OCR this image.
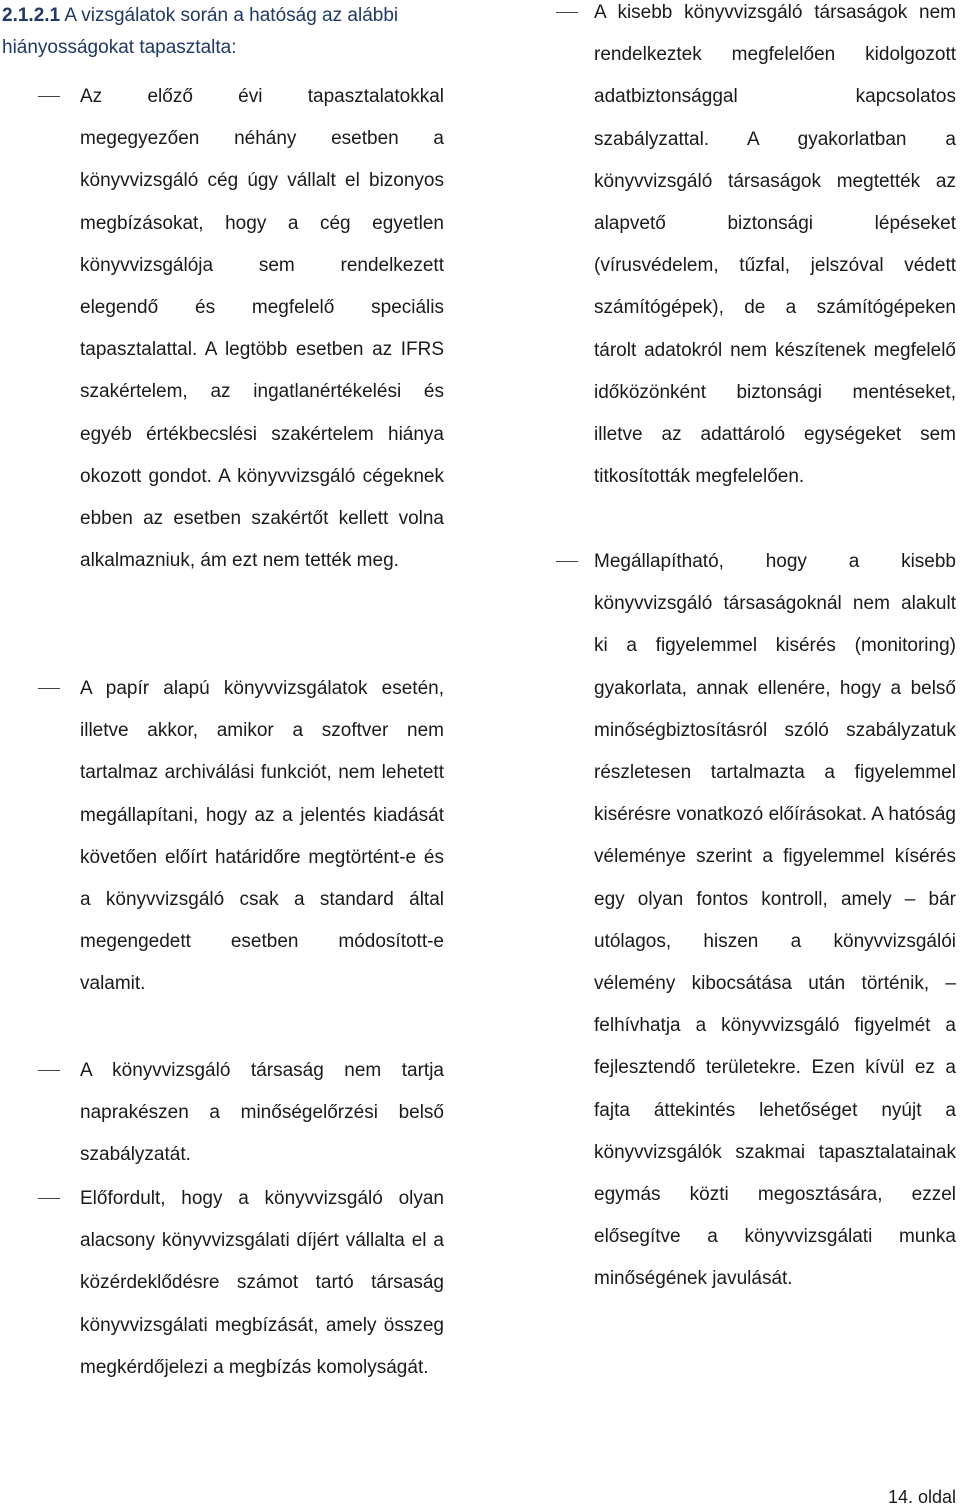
2.1.2.1 A vizsgálatok során a hatóság az alábbi hiányosságokat tapasztalta:
Az előző évi tapasztalatokkal megegyezően néhány esetben a könyvvizsgáló cég úgy vállalt el bizonyos megbízásokat, hogy a cég egyetlen könyvvizsgálója sem rendelkezett elegendő és megfelelő speciális tapasztalattal. A legtöbb esetben az IFRS szakértelem, az ingatlanértékelési és egyéb értékbecslési szakértelem hiánya okozott gondot. A könyvvizsgáló cégeknek ebben az esetben szakértőt kellett volna alkalmazniuk, ám ezt nem tették meg.
A papír alapú könyvvizsgálatok esetén, illetve akkor, amikor a szoftver nem tartalmaz archiválási funkciót, nem lehetett megállapítani, hogy az a jelentés kiadását követően előírt határidőre megtörtént-e és a könyvvizsgáló csak a standard által megengedett esetben módosított-e valamit.
A könyvvizsgáló társaság nem tartja naprakészen a minőségelőrzési belső szabályzatát.
Előfordult, hogy a könyvvizsgáló olyan alacsony könyvvizsgálati díjért vállalta el a közérdeklődésre számot tartó társaság könyvvizsgálati megbízását, amely összeg megkérdőjelezi a megbízás komolyságát.
A kisebb könyvvizsgáló társaságok nem rendelkeztek megfelelően kidolgozott adatbiztonsággal kapcsolatos szabályzattal. A gyakorlatban a könyvvizsgáló társaságok megtették az alapvető biztonsági lépéseket (vírusvédelem, tűzfal, jelszóval védett számítógépek), de a számítógépeken tárolt adatokról nem készítenek megfelelő időközönként biztonsági mentéseket, illetve az adattároló egységeket sem titkosították megfelelően.
Megállapítható, hogy a kisebb könyvvizsgáló társaságoknál nem alakult ki a figyelemmel kisérés (monitoring) gyakorlata, annak ellenére, hogy a belső minőségbiztosításról szóló szabályzatuk részletesen tartalmazta a figyelemmel kisérésre vonatkozó előírásokat. A hatóság véleménye szerint a figyelemmel kísérés egy olyan fontos kontroll, amely – bár utólagos, hiszen a könyvvizsgálói vélemény kibocsátása után történik, – felhívhatja a könyvvizsgáló figyelmét a fejlesztendő területekre. Ezen kívül ez a fajta áttekintés lehetőséget nyújt a könyvvizsgálók szakmai tapasztalatainak egymás közti megosztására, ezzel elősegítve a könyvvizsgálati munka minőségének javulását.
14. oldal
